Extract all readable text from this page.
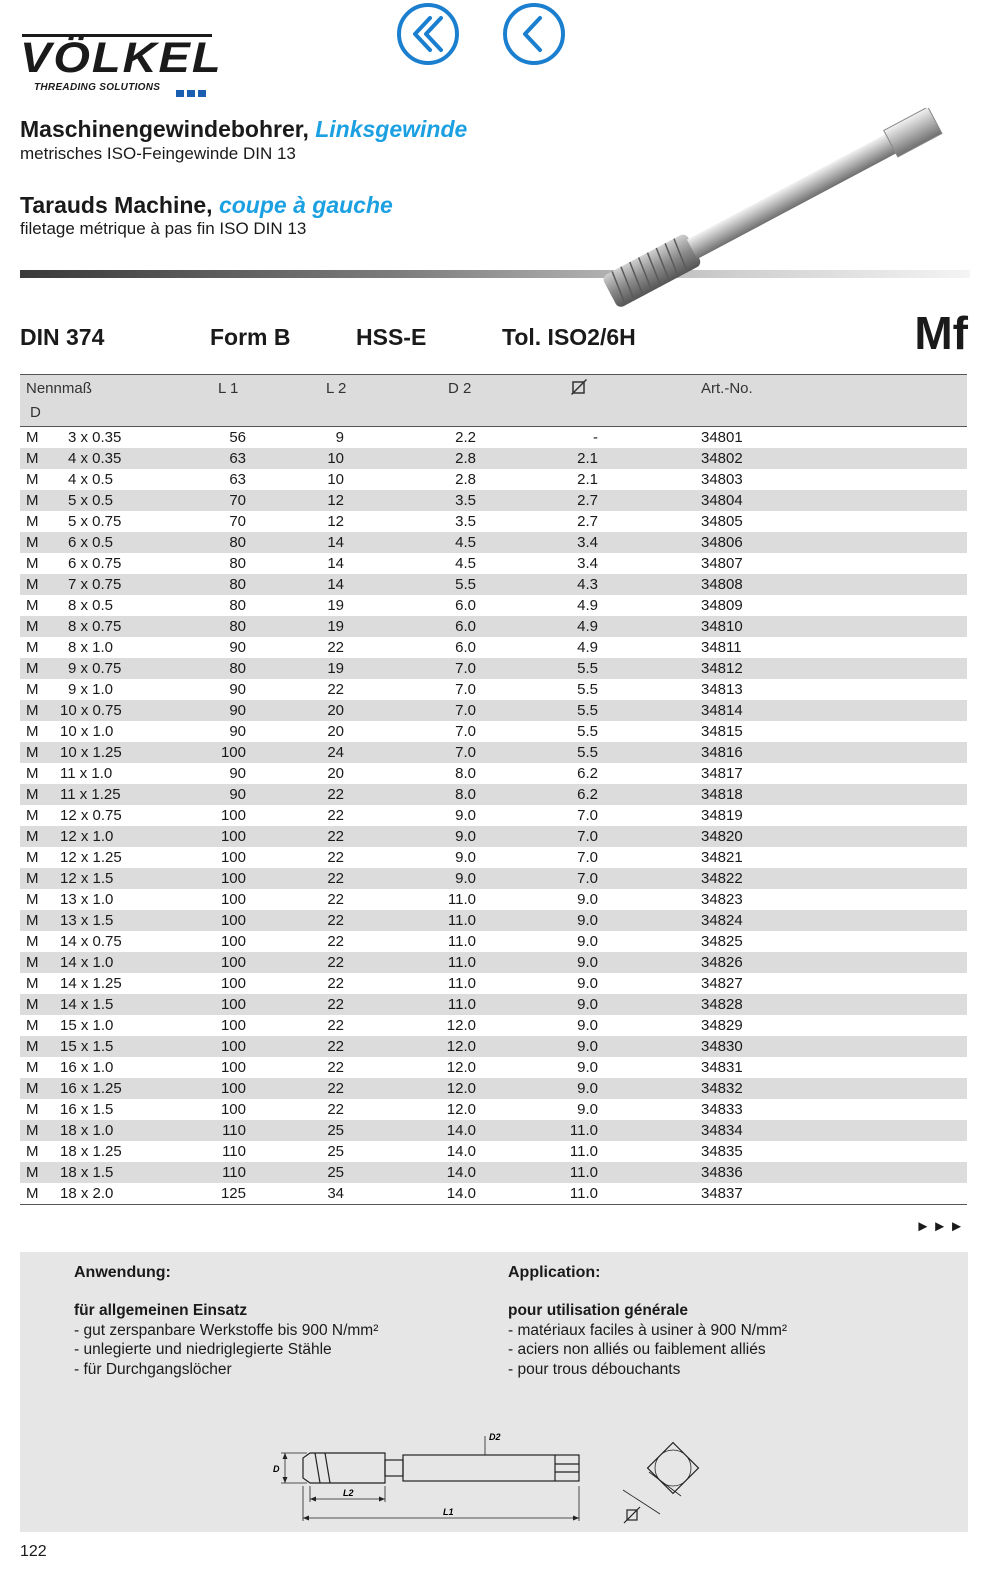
VÖLKEL
THREADING SOLUTIONS
Maschinengewindebohrer, Linksgewinde
metrisches ISO-Feingewinde DIN 13
Tarauds Machine, coupe à gauche
filetage métrique à pas fin ISO DIN 13
DIN 374	Form B	HSS-E	Tol. ISO2/6H	Mf
Nennmaß
D
L 1	L 2	D 2	Art.-No.
M 3 x 0.35	56	9	2.2	-	34801
M 4 x 0.35	63	10	2.8	2.1	34802
M 4 x 0.5	63	10	2.8	2.1	34803
M 5 x 0.5	70	12	3.5	2.7	34804
M 5 x 0.75	70	12	3.5	2.7	34805
M 6 x 0.5	80	14	4.5	3.4	34806
M 6 x 0.75	80	14	4.5	3.4	34807
M 7 x 0.75	80	14	5.5	4.3	34808
M 8 x 0.5	80	19	6.0	4.9	34809
M 8 x 0.75	80	19	6.0	4.9	34810
M 8 x 1.0	90	22	6.0	4.9	34811
M 9 x 0.75	80	19	7.0	5.5	34812
M 9 x 1.0	90	22	7.0	5.5	34813
M 10 x 0.75	90	20	7.0	5.5	34814
M 10 x 1.0	90	20	7.0	5.5	34815
M 10 x 1.25	100	24	7.0	5.5	34816
M 11 x 1.0	90	20	8.0	6.2	34817
M 11 x 1.25	90	22	8.0	6.2	34818
M 12 x 0.75	100	22	9.0	7.0	34819
M 12 x 1.0	100	22	9.0	7.0	34820
M 12 x 1.25	100	22	9.0	7.0	34821
M 12 x 1.5	100	22	9.0	7.0	34822
M 13 x 1.0	100	22	11.0	9.0	34823
M 13 x 1.5	100	22	11.0	9.0	34824
M 14 x 0.75	100	22	11.0	9.0	34825
M 14 x 1.0	100	22	11.0	9.0	34826
M 14 x 1.25	100	22	11.0	9.0	34827
M 14 x 1.5	100	22	11.0	9.0	34828
M 15 x 1.0	100	22	12.0	9.0	34829
M 15 x 1.5	100	22	12.0	9.0	34830
M 16 x 1.0	100	22	12.0	9.0	34831
M 16 x 1.25	100	22	12.0	9.0	34832
M 16 x 1.5	100	22	12.0	9.0	34833
M 18 x 1.0	110	25	14.0	11.0	34834
M 18 x 1.25	110	25	14.0	11.0	34835
M 18 x 1.5	110	25	14.0	11.0	34836
M 18 x 2.0	125	34	14.0	11.0	34837
►►►
Anwendung:
für allgemeinen Einsatz
- gut zerspanbare Werkstoffe bis 900 N/mm²
- unlegierte und niedriglegierte Stähle
- für Durchgangslöcher
Application:
pour utilisation générale
- matériaux faciles à usiner à 900 N/mm²
- aciers non alliés ou faiblement alliés
- pour trous débouchants
D
D2
L2
L1
122
